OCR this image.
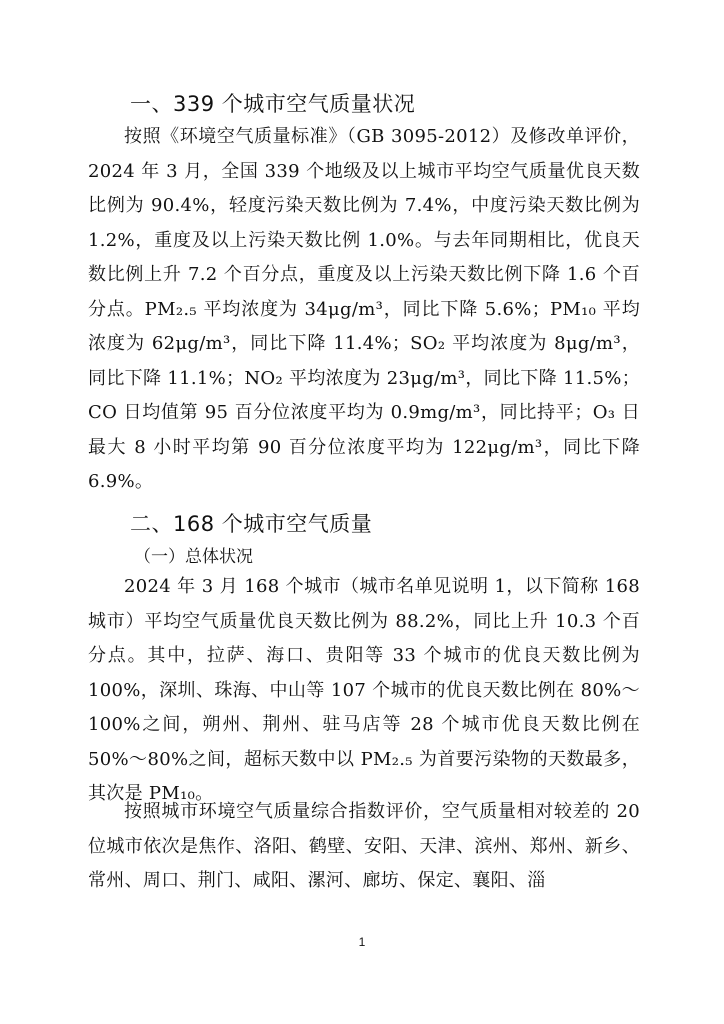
一、339 个城市空气质量状况
按照《环境空气质量标准》（GB 3095-2012）及修改单评价，2024 年 3 月，全国 339 个地级及以上城市平均空气质量优良天数比例为 90.4%，轻度污染天数比例为 7.4%，中度污染天数比例为 1.2%，重度及以上污染天数比例 1.0%。与去年同期相比，优良天数比例上升 7.2 个百分点，重度及以上污染天数比例下降 1.6 个百分点。PM₂.₅ 平均浓度为 34μg/m³，同比下降 5.6%；PM₁₀ 平均浓度为 62μg/m³，同比下降 11.4%；SO₂ 平均浓度为 8μg/m³，同比下降 11.1%；NO₂ 平均浓度为 23μg/m³，同比下降 11.5%；CO 日均值第 95 百分位浓度平均为 0.9mg/m³，同比持平；O₃ 日最大 8 小时平均第 90 百分位浓度平均为 122μg/m³，同比下降 6.9%。
二、168 个城市空气质量
（一）总体状况
2024 年 3 月 168 个城市（城市名单见说明 1，以下简称 168 城市）平均空气质量优良天数比例为 88.2%，同比上升 10.3 个百分点。其中，拉萨、海口、贵阳等 33 个城市的优良天数比例为 100%，深圳、珠海、中山等 107 个城市的优良天数比例在 80%～100%之间，朔州、荆州、驻马店等 28 个城市优良天数比例在 50%～80%之间，超标天数中以 PM₂.₅ 为首要污染物的天数最多，其次是 PM₁₀。
按照城市环境空气质量综合指数评价，空气质量相对较差的 20 位城市依次是焦作、洛阳、鹤壁、安阳、天津、滨州、郑州、新乡、常州、周口、荆门、咸阳、漯河、廊坊、保定、襄阳、淄
1
